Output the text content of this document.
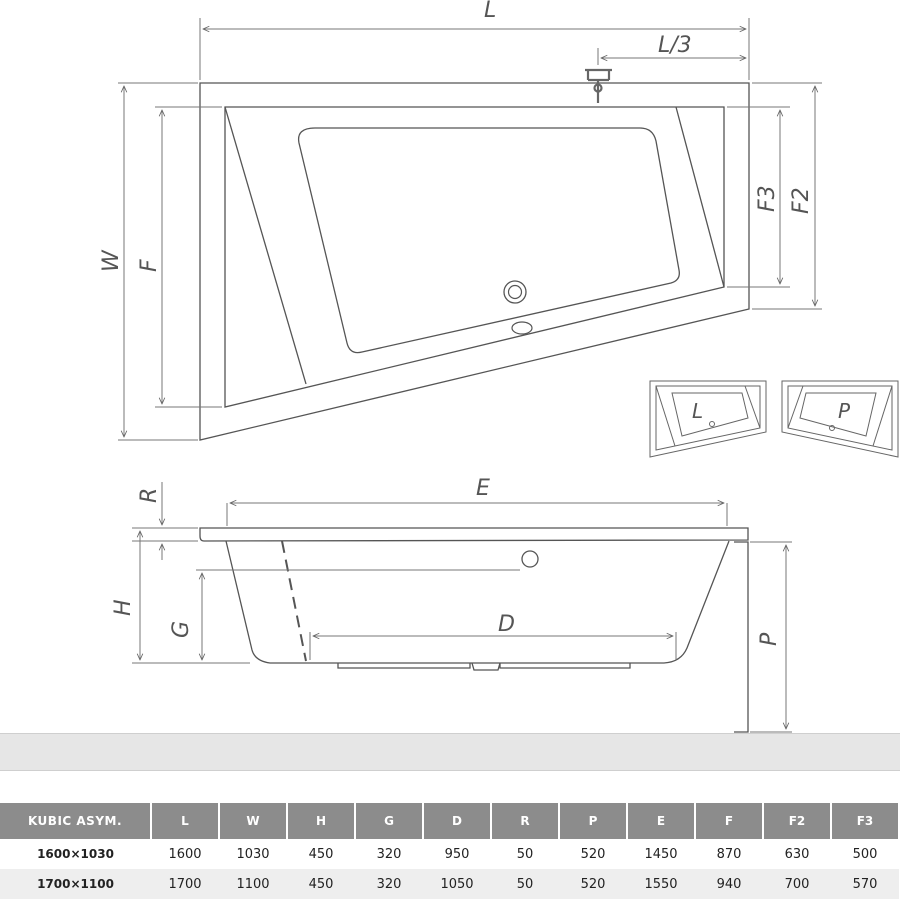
L
L/3
W F
F3 F2
L	P
E
R
H
G	D
P
KUBIC ASYM.	L	W	H	G	D	R	P	E	F	F2	F3
1600×1030	1600	1030	450	320	950	50	520	1450	870	630	500
1700×1100	1700	1100	450	320	1050	50	520	1550	940	700	570
